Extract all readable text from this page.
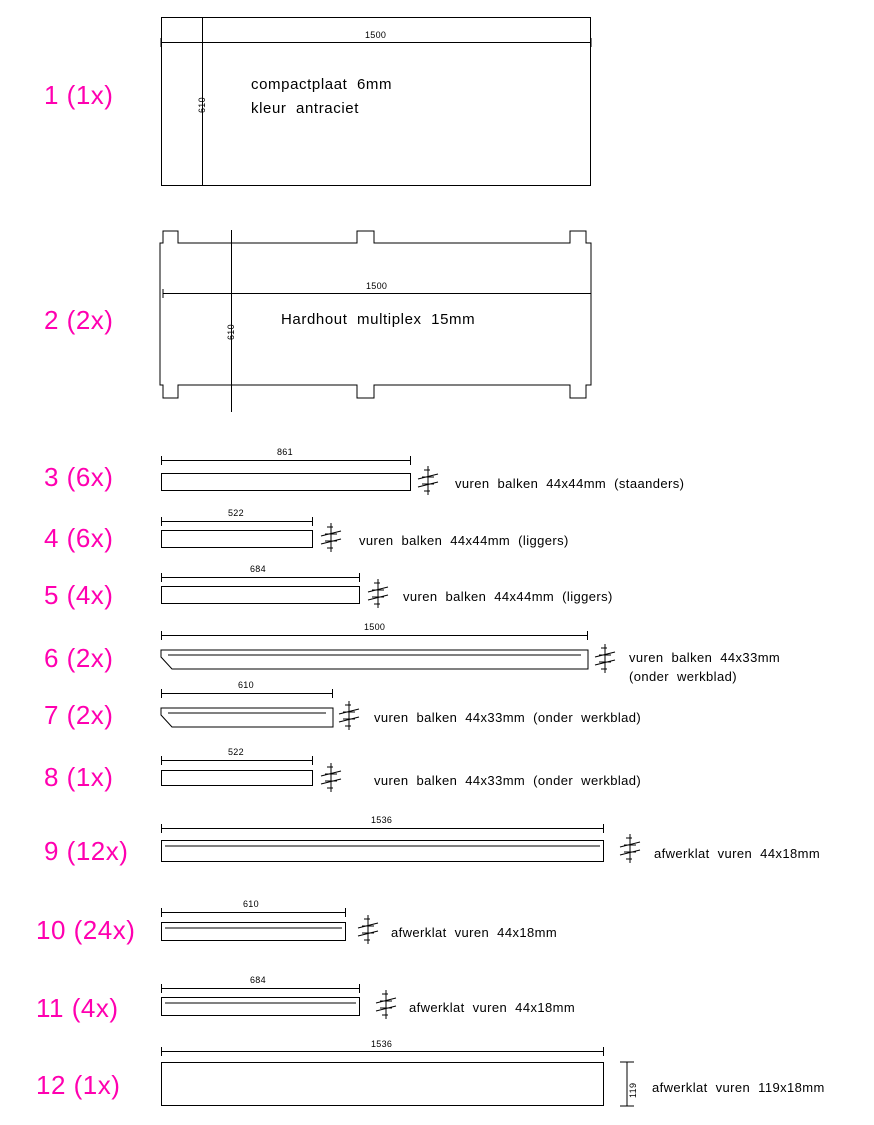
1 (1x)
1500
610
compactplaat  6mm
kleur  antraciet
2 (2x)
1500
610
Hardhout  multiplex  15mm
3 (6x)
861
vuren  balken  44x44mm  (staanders)
4 (6x)
522
vuren  balken  44x44mm  (liggers)
5 (4x)
684
vuren  balken  44x44mm  (liggers)
6 (2x)
1500
vuren  balken  44x33mm
(onder  werkblad)
7 (2x)
610
vuren  balken  44x33mm  (onder  werkblad)
8 (1x)
522
vuren  balken  44x33mm  (onder  werkblad)
9 (12x)
1536
afwerklat  vuren  44x18mm
10 (24x)
610
afwerklat  vuren  44x18mm
11 (4x)
684
afwerklat  vuren  44x18mm
12 (1x)
1536
119 afwerklat  vuren  119x18mm
